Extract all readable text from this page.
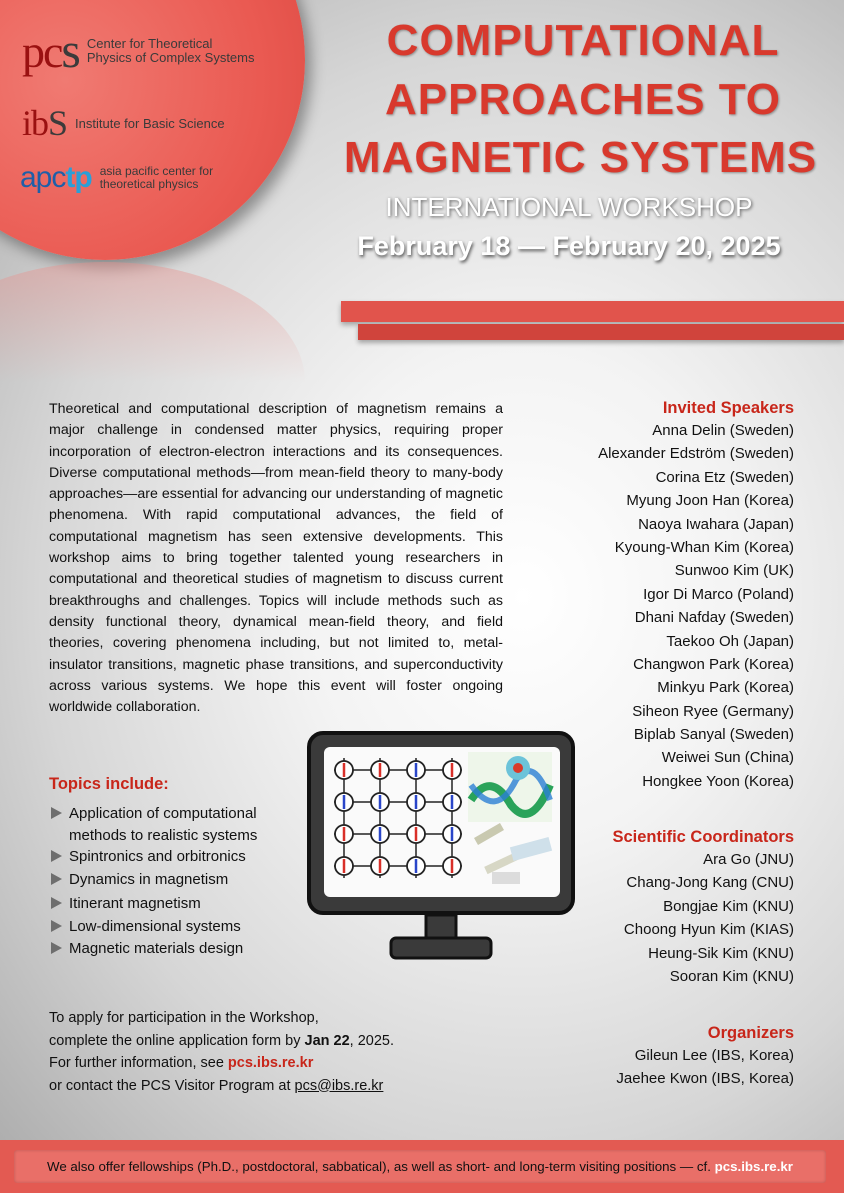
pcs Center for Theoretical
Physics of Complex Systems
ibS Institute for Basic Science
apctp asia pacific center for
theoretical physics
COMPUTATIONAL
APPROACHES TO
MAGNETIC SYSTEMS
INTERNATIONAL WORKSHOP
February 18 — February 20, 2025
Theoretical and computational description of magnetism remains a major challenge in condensed matter physics, requiring proper incorporation of electron-electron interactions and its consequences. Diverse computational methods—from mean-field theory to many-body approaches—are essential for advancing our understanding of magnetic phenomena. With rapid computational advances, the field of computational magnetism has seen extensive developments. This workshop aims to bring together talented young researchers in computational and theoretical studies of magnetism to discuss current breakthroughs and challenges. Topics will include methods such as density functional theory, dynamical mean-field theory, and field theories, covering phenomena including, but not limited to, metal-insulator transitions, magnetic phase transitions, and superconductivity across various systems. We hope this event will foster ongoing worldwide collaboration.
Invited Speakers
Anna Delin (Sweden)
Alexander Edström (Sweden)
Corina Etz (Sweden)
Myung Joon Han (Korea)
Naoya Iwahara (Japan)
Kyoung-Whan Kim (Korea)
Sunwoo Kim (UK)
Igor Di Marco (Poland)
Dhani Nafday (Sweden)
Taekoo Oh (Japan)
Changwon Park (Korea)
Minkyu Park (Korea)
Siheon Ryee (Germany)
Biplab Sanyal (Sweden)
Weiwei Sun (China)
Hongkee Yoon (Korea)
Scientific Coordinators
Ara Go (JNU)
Chang-Jong Kang (CNU)
Bongjae Kim (KNU)
Choong Hyun Kim (KIAS)
Heung-Sik Kim (KNU)
Sooran Kim (KNU)
Organizers
Gileun Lee (IBS, Korea)
Jaehee Kwon (IBS, Korea)
Topics include:
Application of computational methods to realistic systems
Spintronics and orbitronics
Dynamics in magnetism
Itinerant magnetism
Low-dimensional systems
Magnetic materials design
To apply for participation in the Workshop,
complete the online application form by Jan 22, 2025.
For further information, see pcs.ibs.re.kr
or contact the PCS Visitor Program at pcs@ibs.re.kr
We also offer fellowships (Ph.D., postdoctoral, sabbatical), as well as short- and long-term visiting positions — cf. pcs.ibs.re.kr
